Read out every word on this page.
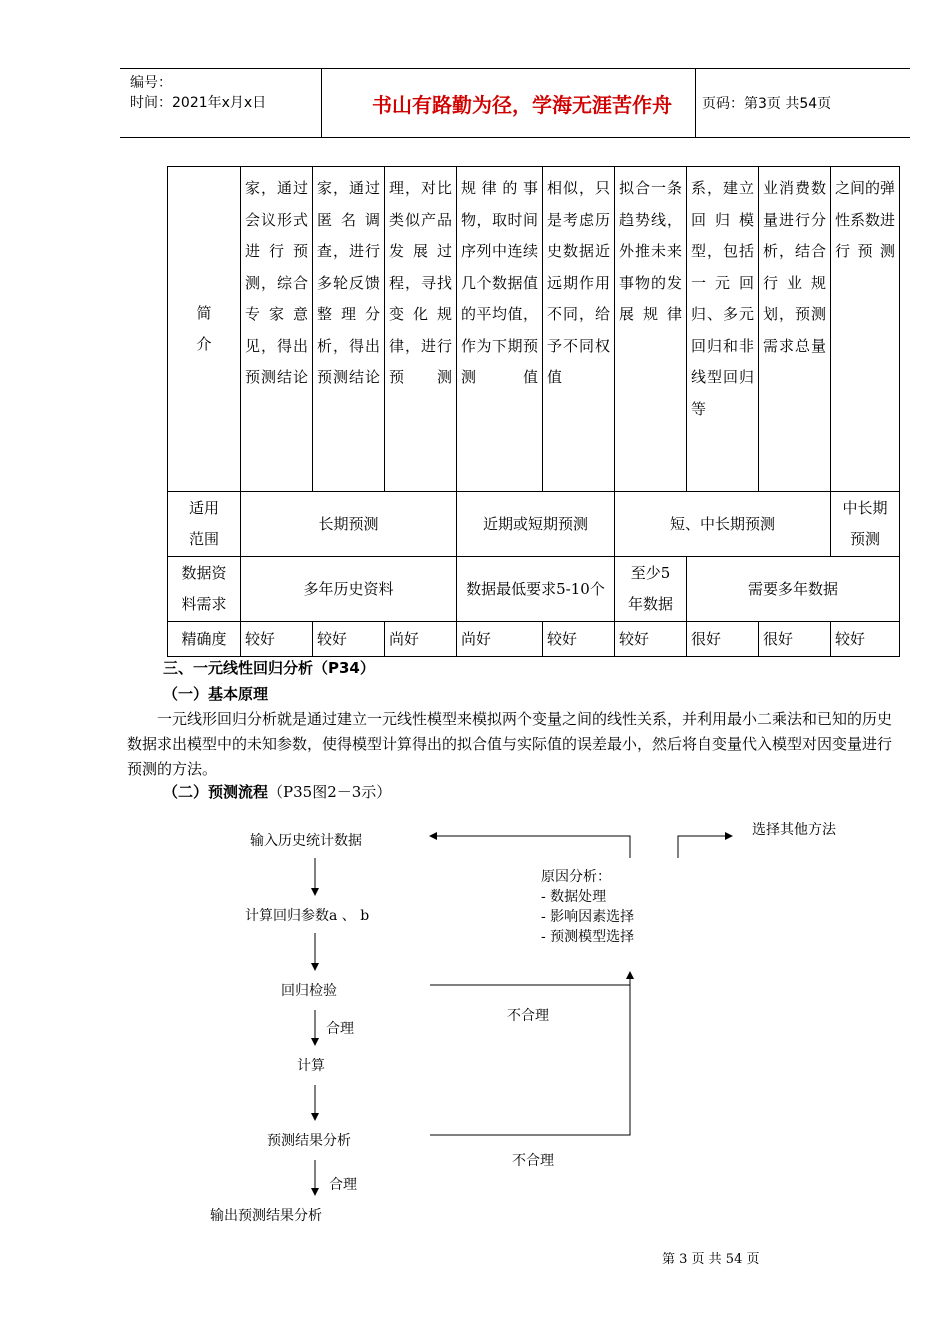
编号：
时间：2021年x月x日	书山有路勤为径，学海无涯苦作舟	页码：第3页 共54页
简介	家，通过会议形式进行预测，综合专家意见，得出预测结论	家，通过匿名调查，进行多轮反馈整理分析，得出预测结论	理，对比类似产品发展过程，寻找变化规律，进行预测	规律的事物，取时间序列中连续几个数据值的平均值，作为下期预测值	相似，只是考虑历史数据近远期作用不同，给予不同权值	拟合一条趋势线，外推未来事物的发展规律	系，建立回归模型，包括一元回归、多元回归和非线型回归等	业消费数量进行分析，结合行业规划，预测需求总量	之间的弹性系数进行预测

适用范围	长期预测			近期或短期预测		短、中长期预测			中长期预测

数据资料需求	多年历史资料			数据最低要求5-10个		至少5年数据	需要多年数据		
精确度	较好	较好	尚好	尚好	较好	较好	很好	很好	较好
三、一元线性回归分析（P34）
（一）基本原理
一元线形回归分析就是通过建立一元线性模型来模拟两个变量之间的线性关系，并利用最小二乘法和已知的历史数据求出模型中的未知参数，使得模型计算得出的拟合值与实际值的误差最小，然后将自变量代入模型对因变量进行预测的方法。
（二）预测流程（P35图2－3示）
输入历史统计数据
计算回归参数a 、 b
回归检验
合理
计算
预测结果分析
合理
输出预测结果分析
不合理
不合理
选择其他方法
原因分析：
- 数据处理
- 影响因素选择
- 预测模型选择
第 3 页 共 54 页
